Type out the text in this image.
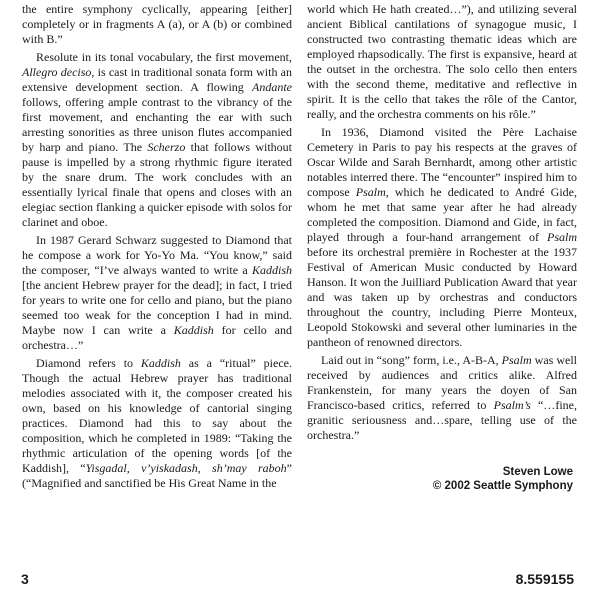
the entire symphony cyclically, appearing [either] completely or in fragments A (a), or A (b) or combined with B.”

Resolute in its tonal vocabulary, the first movement, Allegro deciso, is cast in traditional sonata form with an extensive development section. A flowing Andante follows, offering ample contrast to the vibrancy of the first movement, and enchanting the ear with such arresting sonorities as three unison flutes accompanied by harp and piano. The Scherzo that follows without pause is impelled by a strong rhythmic figure iterated by the snare drum. The work concludes with an essentially lyrical finale that opens and closes with an elegiac section flanking a quicker episode with solos for clarinet and oboe.

In 1987 Gerard Schwarz suggested to Diamond that he compose a work for Yo-Yo Ma. “You know,” said the composer, “I’ve always wanted to write a Kaddish [the ancient Hebrew prayer for the dead]; in fact, I tried for years to write one for cello and piano, but the piano seemed too weak for the conception I had in mind. Maybe now I can write a Kaddish for cello and orchestra…”

Diamond refers to Kaddish as a “ritual” piece. Though the actual Hebrew prayer has traditional melodies associated with it, the composer created his own, based on his knowledge of cantorial singing practices. Diamond had this to say about the composition, which he completed in 1989: “Taking the rhythmic articulation of the opening words [of the Kaddish], “Yisgadal, v’yiskadash, sh’may raboh” (“Magnified and sanctified be His Great Name in the

world which He hath created…”), and utilizing several ancient Biblical cantilations of synagogue music, I constructed two contrasting thematic ideas which are employed rhapsodically. The first is expansive, heard at the outset in the orchestra. The solo cello then enters with the second theme, meditative and reflective in spirit. It is the cello that takes the rôle of the Cantor, really, and the orchestra comments on his rôle.”

In 1936, Diamond visited the Père Lachaise Cemetery in Paris to pay his respects at the graves of Oscar Wilde and Sarah Bernhardt, among other artistic notables interred there. The “encounter” inspired him to compose Psalm, which he dedicated to André Gide, whom he met that same year after he had already completed the composition. Diamond and Gide, in fact, played through a four-hand arrangement of Psalm before its orchestral première in Rochester at the 1937 Festival of American Music conducted by Howard Hanson. It won the Juilliard Publication Award that year and was taken up by orchestras and conductors throughout the country, including Pierre Monteux, Leopold Stokowski and several other luminaries in the pantheon of renowned directors.

Laid out in “song” form, i.e., A-B-A, Psalm was well received by audiences and critics alike. Alfred Frankenstein, for many years the doyen of San Francisco-based critics, referred to Psalm’s “…fine, granitic seriousness and…spare, telling use of the orchestra.”

Steven Lowe
© 2002 Seattle Symphony
3	8.559155
